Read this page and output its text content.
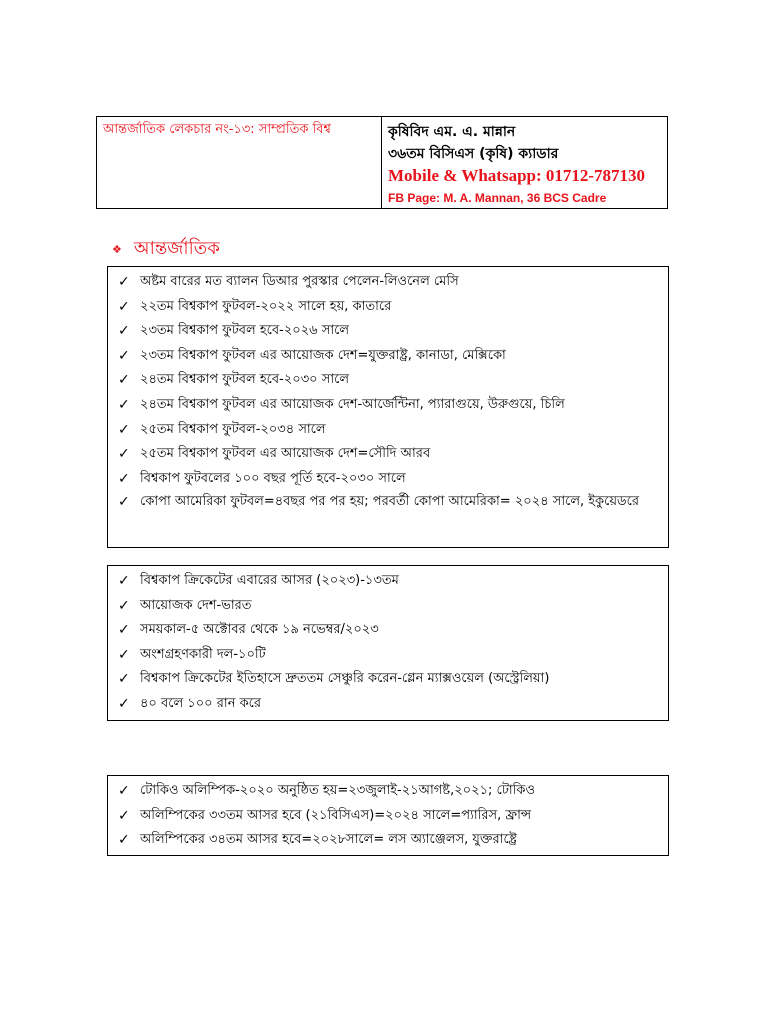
আন্তর্জাতিক লেকচার নং-১৩: সাম্প্রতিক বিশ্ব	কৃষিবিদ এম. এ. মান্নান
৩৬তম বিসিএস (কৃষি) ক্যাডার
Mobile & Whatsapp: 01712-787130
FB Page: M. A. Mannan, 36 BCS Cadre
❖ আন্তর্জাতিক
✓ অষ্টম বারের মত ব্যালন ডিআর পুরস্কার পেলেন-লিওনেল মেসি
✓ ২২তম বিশ্বকাপ ফুটবল-২০২২ সালে হয়, কাতারে
✓ ২৩তম বিশ্বকাপ ফুটবল হবে-২০২৬ সালে
✓ ২৩তম বিশ্বকাপ ফুটবল এর আয়োজক দেশ=যুক্তরাষ্ট্র, কানাডা, মেক্সিকো
✓ ২৪তম বিশ্বকাপ ফুটবল হবে-২০৩০ সালে
✓ ২৪তম বিশ্বকাপ ফুটবল এর আয়োজক দেশ-আর্জেন্টিনা, প্যারাগুয়ে, উরুগুয়ে, চিলি
✓ ২৫তম বিশ্বকাপ ফুটবল-২০৩৪ সালে
✓ ২৫তম বিশ্বকাপ ফুটবল এর আয়োজক দেশ=সৌদি আরব
✓ বিশ্বকাপ ফুটবলের ১০০ বছর পূর্তি হবে-২০৩০ সালে
✓ কোপা আমেরিকা ফুটবল=৪বছর পর পর হয়; পরবর্তী কোপা আমেরিকা= ২০২৪ সালে, ইকুয়েডরে
✓ বিশ্বকাপ ক্রিকেটের এবারের আসর (২০২৩)-১৩তম
✓ আয়োজক দেশ-ভারত
✓ সময়কাল-৫ অক্টোবর থেকে ১৯ নভেম্বর/২০২৩
✓ অংশগ্রহণকারী দল-১০টি
✓ বিশ্বকাপ ক্রিকেটের ইতিহাসে দ্রুততম সেঞ্চুরি করেন-গ্লেন ম্যাক্সওয়েল (অস্ট্রেলিয়া)
✓ ৪০ বলে ১০০ রান করে
✓ টোকিও অলিম্পিক-২০২০ অনুষ্ঠিত হয়=২৩জুলাই-২১আগষ্ট,২০২১; টোকিও
✓ অলিম্পিকের ৩৩তম আসর হবে (২১বিসিএস)=২০২৪ সালে=প্যারিস, ফ্রান্স
✓ অলিম্পিকের ৩৪তম আসর হবে=২০২৮সালে= লস অ্যাঞ্জেলস, যুক্তরাষ্ট্রে
